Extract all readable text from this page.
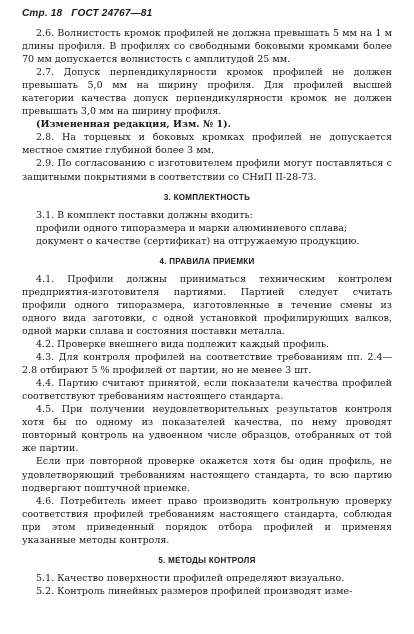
Стр. 18 ГОСТ 24767—81

2.6. Волнистость кромок профилей не должна превышать 5 мм на 1 м длины профиля. В профилях со свободными боковыми кромками более 70 мм допускается волнистость с амплитудой 25 мм.

2.7. Допуск перпендикулярности кромок профилей не должен превышать 5,0 мм на ширину профиля. Для профилей высшей категории качества допуск перпендикулярности кромок не должен превышать 3,0 мм на ширину профиля.

(Измененная редакция, Изм. № 1).

2.8. На торцевых и боковых кромках профилей не допускается местное смятие глубиной более 3 мм.

2.9. По согласованию с изготовителем профили могут поставляться с защитными покрытиями в соответствии со СНиП II-28-73.

3. КОМПЛЕКТНОСТЬ

3.1. В комплект поставки должны входить:

профили одного типоразмера и марки алюминиевого сплава;

документ о качестве (сертификат) на отгружаемую продукцию.

4. ПРАВИЛА ПРИЕМКИ

4.1. Профили должны приниматься техническим контролем предприятия-изготовителя партиями. Партией следует считать профили одного типоразмера, изготовленные в течение смены из одного вида заготовки, с одной установкой профилирующих валков, одной марки сплава и состояния поставки металла.

4.2. Проверке внешнего вида подлежит каждый профиль.

4.3. Для контроля профилей на соответствие требованиям пп. 2.4—2.8 отбирают 5 % профилей от партии, но не менее 3 шт.

4.4. Партию считают принятой, если показатели качества профилей соответствуют требованиям настоящего стандарта.

4.5. При получении неудовлетворительных результатов контроля хотя бы по одному из показателей качества, по нему проводят повторный контроль на удвоенном числе образцов, отобранных от той же партии.

Если при повторной проверке окажется хотя бы один профиль, не удовлетворяющий требованиям настоящего стандарта, то всю партию подвергают поштучной приемке.

4.6. Потребитель имеет право производить контрольную проверку соответствия профилей требованиям настоящего стандарта, соблюдая при этом приведенный порядок отбора профилей и применяя указанные методы контроля.

5. МЕТОДЫ КОНТРОЛЯ

5.1. Качество поверхности профилей определяют визуально.

5.2. Контроль линейных размеров профилей производят изме-
